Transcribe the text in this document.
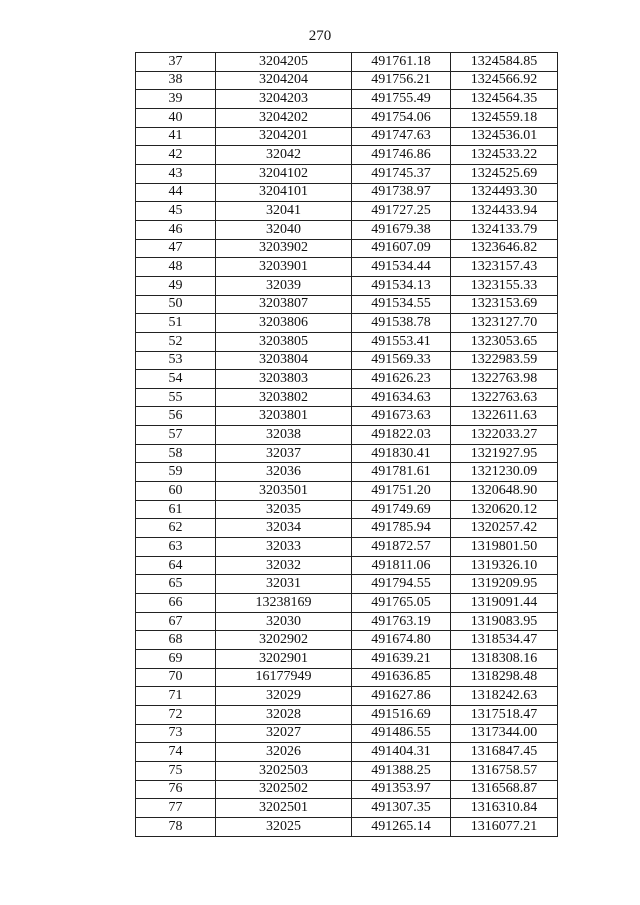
270
37	3204205	491761.18	1324584.85
38	3204204	491756.21	1324566.92
39	3204203	491755.49	1324564.35
40	3204202	491754.06	1324559.18
41	3204201	491747.63	1324536.01
42	32042	491746.86	1324533.22
43	3204102	491745.37	1324525.69
44	3204101	491738.97	1324493.30
45	32041	491727.25	1324433.94
46	32040	491679.38	1324133.79
47	3203902	491607.09	1323646.82
48	3203901	491534.44	1323157.43
49	32039	491534.13	1323155.33
50	3203807	491534.55	1323153.69
51	3203806	491538.78	1323127.70
52	3203805	491553.41	1323053.65
53	3203804	491569.33	1322983.59
54	3203803	491626.23	1322763.98
55	3203802	491634.63	1322763.63
56	3203801	491673.63	1322611.63
57	32038	491822.03	1322033.27
58	32037	491830.41	1321927.95
59	32036	491781.61	1321230.09
60	3203501	491751.20	1320648.90
61	32035	491749.69	1320620.12
62	32034	491785.94	1320257.42
63	32033	491872.57	1319801.50
64	32032	491811.06	1319326.10
65	32031	491794.55	1319209.95
66	13238169	491765.05	1319091.44
67	32030	491763.19	1319083.95
68	3202902	491674.80	1318534.47
69	3202901	491639.21	1318308.16
70	16177949	491636.85	1318298.48
71	32029	491627.86	1318242.63
72	32028	491516.69	1317518.47
73	32027	491486.55	1317344.00
74	32026	491404.31	1316847.45
75	3202503	491388.25	1316758.57
76	3202502	491353.97	1316568.87
77	3202501	491307.35	1316310.84
78	32025	491265.14	1316077.21
